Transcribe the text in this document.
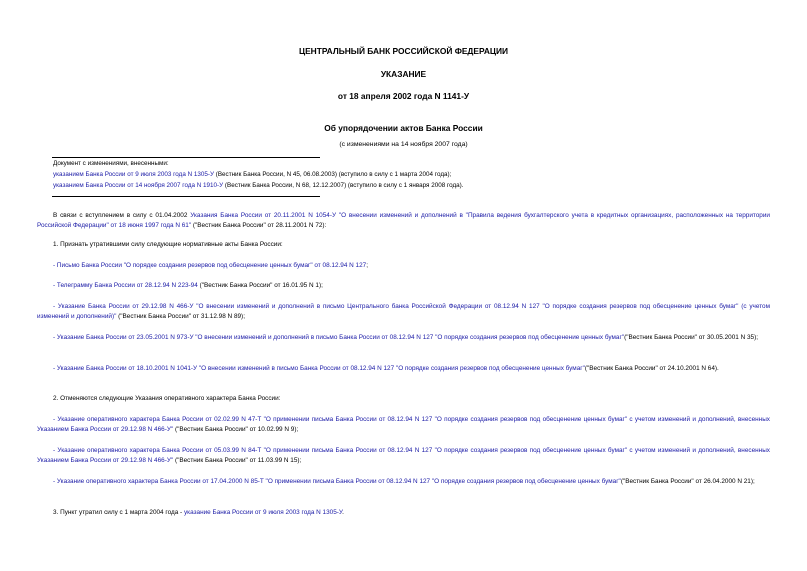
ЦЕНТРАЛЬНЫЙ БАНК РОССИЙСКОЙ ФЕДЕРАЦИИ
УКАЗАНИЕ
от 18 апреля 2002 года N 1141-У
Об упорядочении актов Банка России
(с изменениями на 14 ноября 2007 года)
Документ с изменениями, внесенными:
указанием Банка России от 9 июля 2003 года N 1305-У (Вестник Банка России, N 45, 06.08.2003) (вступило в силу с 1 марта 2004 года);
указанием Банка России от 14 ноября 2007 года N 1910-У (Вестник Банка России, N 68, 12.12.2007) (вступило в силу с 1 января 2008 года).

В связи с вступлением в силу с 01.04.2002 Указания Банка России от 20.11.2001 N 1054-У "О внесении изменений и дополнений в "Правила ведения бухгалтерского учета в кредитных организациях, расположенных на территории Российской Федерации" от 18 июня 1997 года N 61" ("Вестник Банка России" от 28.11.2001 N 72):

1. Признать утратившими силу следующие нормативные акты Банка России:

- Письмо Банка России "О порядке создания резервов под обесценение ценных бумаг" от 08.12.94 N 127;

- Телеграмму Банка России от 28.12.94 N 223-94 ("Вестник Банка России" от 16.01.95 N 1);

- Указание Банка России от 29.12.98 N 466-У "О внесении изменений и дополнений в письмо Центрального банка Российской Федерации от 08.12.94 N 127 "О порядке создания резервов под обесценение ценных бумаг" (с учетом изменений и дополнений)" ("Вестник Банка России" от 31.12.98 N 89);

- Указание Банка России от 23.05.2001 N 973-У "О внесении изменений и дополнений в письмо Банка России от 08.12.94 N 127 "О порядке создания резервов под обесценение ценных бумаг"("Вестник Банка России" от 30.05.2001 N 35);

- Указание Банка России от 18.10.2001 N 1041-У "О внесении изменений в письмо Банка России от 08.12.94 N 127 "О порядке создания резервов под обесценение ценных бумаг"("Вестник Банка России" от 24.10.2001 N 64).

2. Отменяются следующие Указания оперативного характера Банка России:

- Указание оперативного характера Банка России от 02.02.99 N 47-Т "О применении письма Банка России от 08.12.94 N 127 "О порядке создания резервов под обесценение ценных бумаг" с учетом изменений и дополнений, внесенных Указанием Банка России от 29.12.98 N 466-У" ("Вестник Банка России" от 10.02.99 N 9);

- Указание оперативного характера Банка России от 05.03.99 N 84-Т "О применении письма Банка России от 08.12.94 N 127 "О порядке создания резервов под обесценение ценных бумаг" с учетом изменений и дополнений, внесенных Указанием Банка России от 29.12.98 N 466-У" ("Вестник Банка России" от 11.03.99 N 15);

- Указание оперативного характера Банка России от 17.04.2000 N 85-Т "О применении письма Банка России от 08.12.94 N 127 "О порядке создания резервов под обесценение ценных бумаг"("Вестник Банка России" от 26.04.2000 N 21);

3. Пункт утратил силу с 1 марта 2004 года - указание Банка России от 9 июля 2003 года N 1305-У.
